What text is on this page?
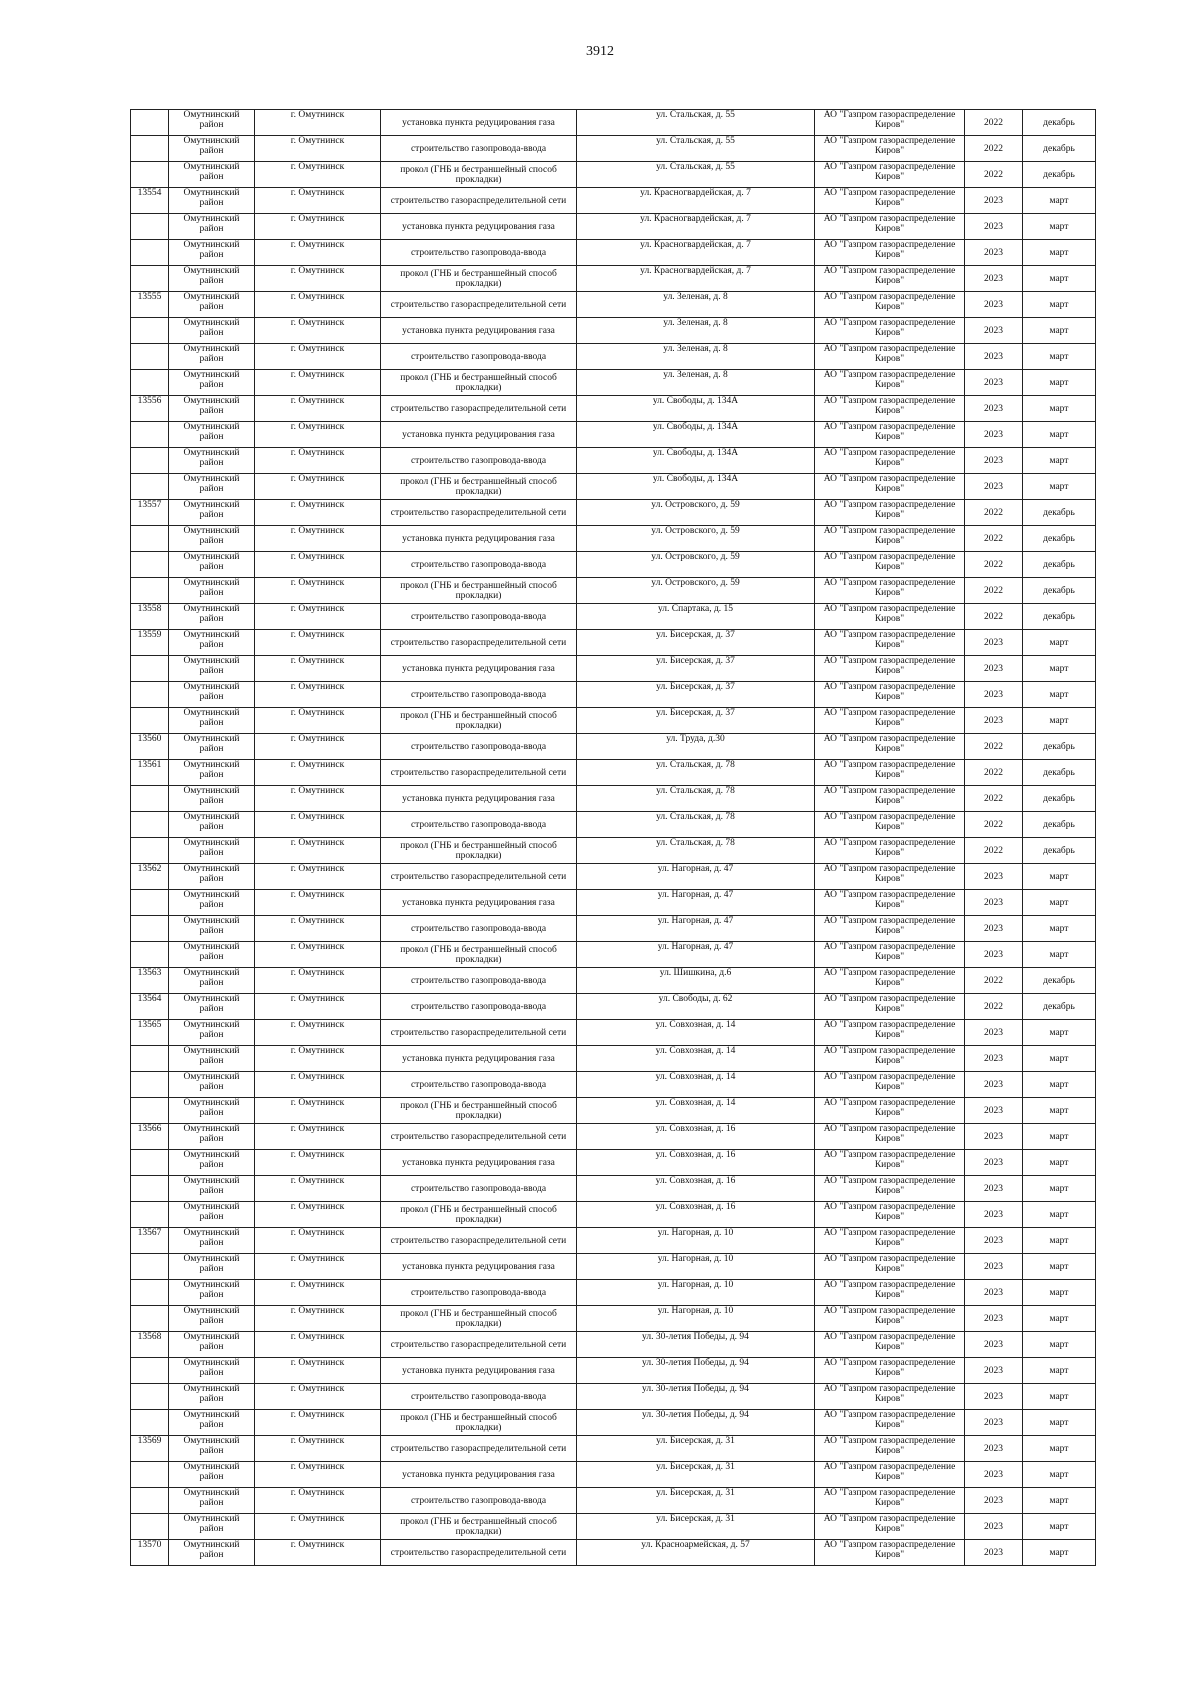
3912
	Омутнинский район	г. Омутнинск	установка пункта редуцирования газа	ул. Стальская, д. 55	АО "Газпром газораспределение Киров"	2022	декабрь
	Омутнинский район	г. Омутнинск	строительство газопровода-ввода	ул. Стальская, д. 55	АО "Газпром газораспределение Киров"	2022	декабрь
	Омутнинский район	г. Омутнинск	прокол (ГНБ и бестраншейный способ прокладки)	ул. Стальская, д. 55	АО "Газпром газораспределение Киров"	2022	декабрь
13554	Омутнинский район	г. Омутнинск	строительство газораспределительной сети	ул. Красногвардейская, д. 7	АО "Газпром газораспределение Киров"	2023	март
	Омутнинский район	г. Омутнинск	установка пункта редуцирования газа	ул. Красногвардейская, д. 7	АО "Газпром газораспределение Киров"	2023	март
	Омутнинский район	г. Омутнинск	строительство газопровода-ввода	ул. Красногвардейская, д. 7	АО "Газпром газораспределение Киров"	2023	март
	Омутнинский район	г. Омутнинск	прокол (ГНБ и бестраншейный способ прокладки)	ул. Красногвардейская, д. 7	АО "Газпром газораспределение Киров"	2023	март
13555	Омутнинский район	г. Омутнинск	строительство газораспределительной сети	ул. Зеленая, д. 8	АО "Газпром газораспределение Киров"	2023	март
	Омутнинский район	г. Омутнинск	установка пункта редуцирования газа	ул. Зеленая, д. 8	АО "Газпром газораспределение Киров"	2023	март
	Омутнинский район	г. Омутнинск	строительство газопровода-ввода	ул. Зеленая, д. 8	АО "Газпром газораспределение Киров"	2023	март
	Омутнинский район	г. Омутнинск	прокол (ГНБ и бестраншейный способ прокладки)	ул. Зеленая, д. 8	АО "Газпром газораспределение Киров"	2023	март
13556	Омутнинский район	г. Омутнинск	строительство газораспределительной сети	ул. Свободы, д. 134А	АО "Газпром газораспределение Киров"	2023	март
	Омутнинский район	г. Омутнинск	установка пункта редуцирования газа	ул. Свободы, д. 134А	АО "Газпром газораспределение Киров"	2023	март
	Омутнинский район	г. Омутнинск	строительство газопровода-ввода	ул. Свободы, д. 134А	АО "Газпром газораспределение Киров"	2023	март
	Омутнинский район	г. Омутнинск	прокол (ГНБ и бестраншейный способ прокладки)	ул. Свободы, д. 134А	АО "Газпром газораспределение Киров"	2023	март
13557	Омутнинский район	г. Омутнинск	строительство газораспределительной сети	ул. Островского, д. 59	АО "Газпром газораспределение Киров"	2022	декабрь
	Омутнинский район	г. Омутнинск	установка пункта редуцирования газа	ул. Островского, д. 59	АО "Газпром газораспределение Киров"	2022	декабрь
	Омутнинский район	г. Омутнинск	строительство газопровода-ввода	ул. Островского, д. 59	АО "Газпром газораспределение Киров"	2022	декабрь
	Омутнинский район	г. Омутнинск	прокол (ГНБ и бестраншейный способ прокладки)	ул. Островского, д. 59	АО "Газпром газораспределение Киров"	2022	декабрь
13558	Омутнинский район	г. Омутнинск	строительство газопровода-ввода	ул. Спартака, д. 15	АО "Газпром газораспределение Киров"	2022	декабрь
13559	Омутнинский район	г. Омутнинск	строительство газораспределительной сети	ул. Бисерская, д. 37	АО "Газпром газораспределение Киров"	2023	март
	Омутнинский район	г. Омутнинск	установка пункта редуцирования газа	ул. Бисерская, д. 37	АО "Газпром газораспределение Киров"	2023	март
	Омутнинский район	г. Омутнинск	строительство газопровода-ввода	ул. Бисерская, д. 37	АО "Газпром газораспределение Киров"	2023	март
	Омутнинский район	г. Омутнинск	прокол (ГНБ и бестраншейный способ прокладки)	ул. Бисерская, д. 37	АО "Газпром газораспределение Киров"	2023	март
13560	Омутнинский район	г. Омутнинск	строительство газопровода-ввода	ул. Труда, д.30	АО "Газпром газораспределение Киров"	2022	декабрь
13561	Омутнинский район	г. Омутнинск	строительство газораспределительной сети	ул. Стальская, д. 78	АО "Газпром газораспределение Киров"	2022	декабрь
	Омутнинский район	г. Омутнинск	установка пункта редуцирования газа	ул. Стальская, д. 78	АО "Газпром газораспределение Киров"	2022	декабрь
	Омутнинский район	г. Омутнинск	строительство газопровода-ввода	ул. Стальская, д. 78	АО "Газпром газораспределение Киров"	2022	декабрь
	Омутнинский район	г. Омутнинск	прокол (ГНБ и бестраншейный способ прокладки)	ул. Стальская, д. 78	АО "Газпром газораспределение Киров"	2022	декабрь
13562	Омутнинский район	г. Омутнинск	строительство газораспределительной сети	ул. Нагорная, д. 47	АО "Газпром газораспределение Киров"	2023	март
	Омутнинский район	г. Омутнинск	установка пункта редуцирования газа	ул. Нагорная, д. 47	АО "Газпром газораспределение Киров"	2023	март
	Омутнинский район	г. Омутнинск	строительство газопровода-ввода	ул. Нагорная, д. 47	АО "Газпром газораспределение Киров"	2023	март
	Омутнинский район	г. Омутнинск	прокол (ГНБ и бестраншейный способ прокладки)	ул. Нагорная, д. 47	АО "Газпром газораспределение Киров"	2023	март
13563	Омутнинский район	г. Омутнинск	строительство газопровода-ввода	ул. Шишкина, д.6	АО "Газпром газораспределение Киров"	2022	декабрь
13564	Омутнинский район	г. Омутнинск	строительство газопровода-ввода	ул. Свободы, д. 62	АО "Газпром газораспределение Киров"	2022	декабрь
13565	Омутнинский район	г. Омутнинск	строительство газораспределительной сети	ул. Совхозная, д. 14	АО "Газпром газораспределение Киров"	2023	март
	Омутнинский район	г. Омутнинск	установка пункта редуцирования газа	ул. Совхозная, д. 14	АО "Газпром газораспределение Киров"	2023	март
	Омутнинский район	г. Омутнинск	строительство газопровода-ввода	ул. Совхозная, д. 14	АО "Газпром газораспределение Киров"	2023	март
	Омутнинский район	г. Омутнинск	прокол (ГНБ и бестраншейный способ прокладки)	ул. Совхозная, д. 14	АО "Газпром газораспределение Киров"	2023	март
13566	Омутнинский район	г. Омутнинск	строительство газораспределительной сети	ул. Совхозная, д. 16	АО "Газпром газораспределение Киров"	2023	март
	Омутнинский район	г. Омутнинск	установка пункта редуцирования газа	ул. Совхозная, д. 16	АО "Газпром газораспределение Киров"	2023	март
	Омутнинский район	г. Омутнинск	строительство газопровода-ввода	ул. Совхозная, д. 16	АО "Газпром газораспределение Киров"	2023	март
	Омутнинский район	г. Омутнинск	прокол (ГНБ и бестраншейный способ прокладки)	ул. Совхозная, д. 16	АО "Газпром газораспределение Киров"	2023	март
13567	Омутнинский район	г. Омутнинск	строительство газораспределительной сети	ул. Нагорная, д. 10	АО "Газпром газораспределение Киров"	2023	март
	Омутнинский район	г. Омутнинск	установка пункта редуцирования газа	ул. Нагорная, д. 10	АО "Газпром газораспределение Киров"	2023	март
	Омутнинский район	г. Омутнинск	строительство газопровода-ввода	ул. Нагорная, д. 10	АО "Газпром газораспределение Киров"	2023	март
	Омутнинский район	г. Омутнинск	прокол (ГНБ и бестраншейный способ прокладки)	ул. Нагорная, д. 10	АО "Газпром газораспределение Киров"	2023	март
13568	Омутнинский район	г. Омутнинск	строительство газораспределительной сети	ул. 30-летия Победы, д. 94	АО "Газпром газораспределение Киров"	2023	март
	Омутнинский район	г. Омутнинск	установка пункта редуцирования газа	ул. 30-летия Победы, д. 94	АО "Газпром газораспределение Киров"	2023	март
	Омутнинский район	г. Омутнинск	строительство газопровода-ввода	ул. 30-летия Победы, д. 94	АО "Газпром газораспределение Киров"	2023	март
	Омутнинский район	г. Омутнинск	прокол (ГНБ и бестраншейный способ прокладки)	ул. 30-летия Победы, д. 94	АО "Газпром газораспределение Киров"	2023	март
13569	Омутнинский район	г. Омутнинск	строительство газораспределительной сети	ул. Бисерская, д. 31	АО "Газпром газораспределение Киров"	2023	март
	Омутнинский район	г. Омутнинск	установка пункта редуцирования газа	ул. Бисерская, д. 31	АО "Газпром газораспределение Киров"	2023	март
	Омутнинский район	г. Омутнинск	строительство газопровода-ввода	ул. Бисерская, д. 31	АО "Газпром газораспределение Киров"	2023	март
	Омутнинский район	г. Омутнинск	прокол (ГНБ и бестраншейный способ прокладки)	ул. Бисерская, д. 31	АО "Газпром газораспределение Киров"	2023	март
13570	Омутнинский район	г. Омутнинск	строительство газораспределительной сети	ул. Красноармейская, д. 57	АО "Газпром газораспределение Киров"	2023	март
